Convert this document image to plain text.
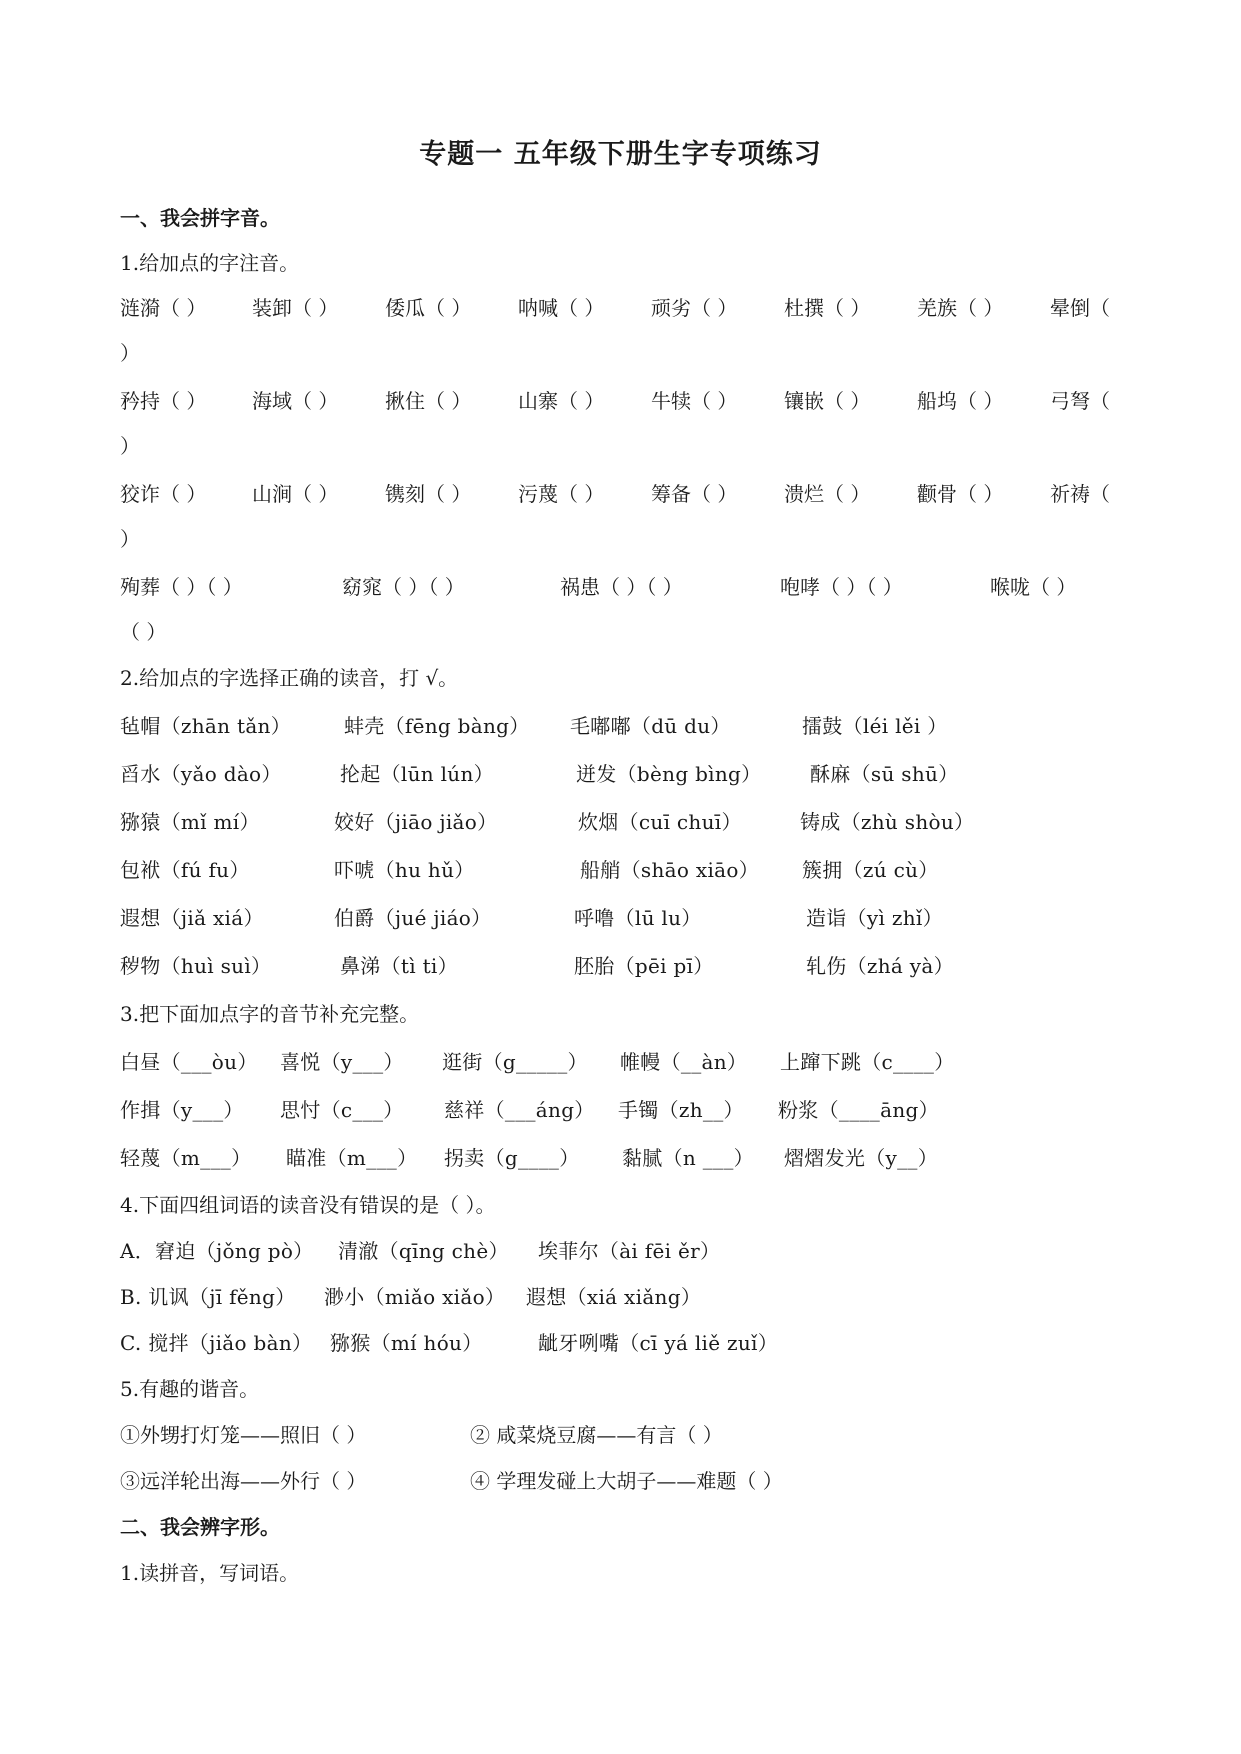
专题一 五年级下册生字专项练习
一、我会拼字音。
1.给加点的字注音。
涟漪（ ） 装卸（ ） 倭瓜（ ） 呐喊（ ） 顽劣（ ） 杜撰（ ） 羌族（ ） 晕倒（
）
矜持（ ） 海域（ ） 揪住（ ） 山寨（ ） 牛犊（ ） 镶嵌（ ） 船坞（ ） 弓弩（
）
狡诈（ ） 山涧（ ） 镌刻（ ） 污蔑（ ） 筹备（ ） 溃烂（ ） 颧骨（ ） 祈祷（
）
殉葬（ ）（ ）	窈窕（ ）（ ）	祸患（ ）（ ）	咆哮（ ）（ ）	喉咙（ ）
（ ）
2.给加点的字选择正确的读音，打 √。
毡帽（zhān tǎn）	蚌壳（fēng bàng） 毛嘟嘟（dū du）	擂鼓（léi lěi ）
舀水（yǎo dào）	抡起（lūn lún）	迸发（bèng bìng） 酥麻（sū shū）
猕猿（mǐ mí）	姣好（jiāo jiǎo）	炊烟（cuī chuī）	铸成（zhù shòu）
包袱（fú fu）	吓唬（hu hǔ）	船艄（shāo xiāo） 簇拥（zú cù）
遐想（jiǎ xiá）	伯爵（jué jiáo）	呼噜（lū lu）	造诣（yì zhǐ）
秽物（huì suì）	鼻涕（tì ti）	胚胎（pēi pī）	轧伤（zhá yà）
3.把下面加点字的音节补充完整。
白昼（___òu） 喜悦（y___） 逛街（g_____） 帷幔（__àn） 上蹿下跳（c____）
作揖（y___） 思忖（c___） 慈祥（___áng） 手镯（zh__） 粉浆（____āng）
轻蔑（m___） 瞄准（m___） 拐卖（g____） 黏腻（n ___） 熠熠发光（y__）
4.下面四组词语的读音没有错误的是（ ）。
A．窘迫（jǒng pò） 清澈（qīng chè） 埃菲尔（ài fēi ěr）
B. 讥讽（jī fěng） 渺小（miǎo xiǎo） 遐想（xiá xiǎng）
C. 搅拌（jiǎo bàn） 猕猴（mí hóu）	龇牙咧嘴（cī yá liě zuǐ）
5.有趣的谐音。
①外甥打灯笼——照旧（ ）	② 咸菜烧豆腐——有言（ ）
③远洋轮出海——外行（ ）	④ 学理发碰上大胡子——难题（ ）
二、我会辨字形。
1.读拼音，写词语。
